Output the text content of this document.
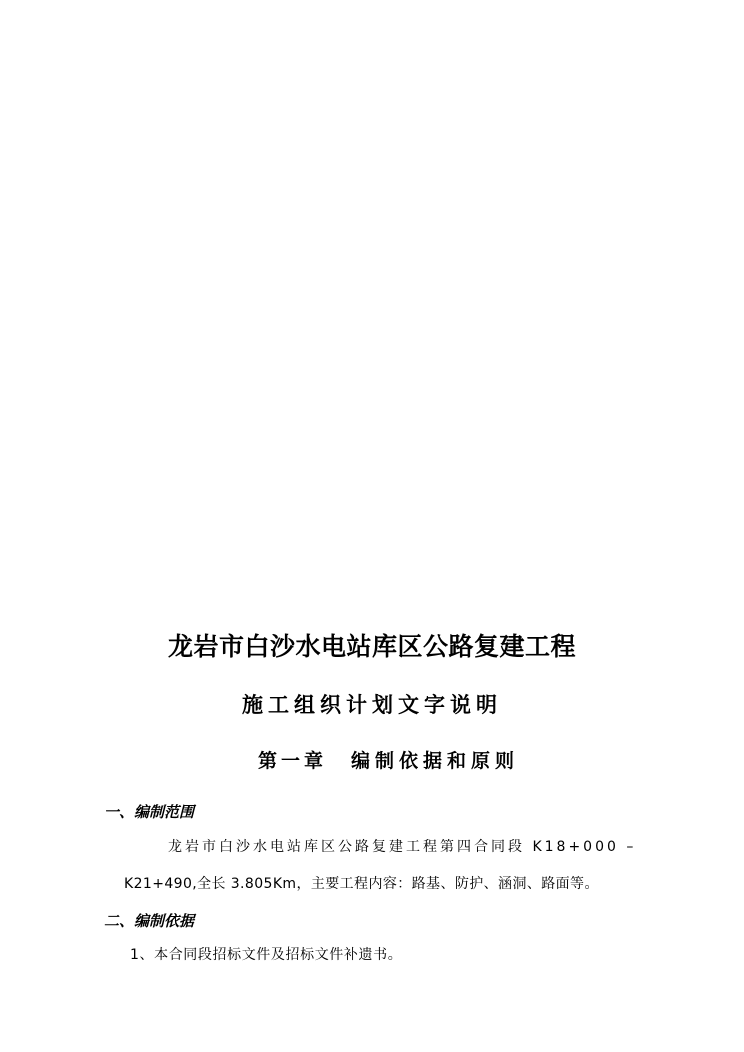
龙岩市白沙水电站库区公路复建工程
施工组织计划文字说明
第一章 编制依据和原则
一、编制范围
龙岩市白沙水电站库区公路复建工程第四合同段 K18+000 –
K21+490,全长 3.805Km，主要工程内容：路基、防护、涵洞、路面等。
二、编制依据
1、本合同段招标文件及招标文件补遗书。
